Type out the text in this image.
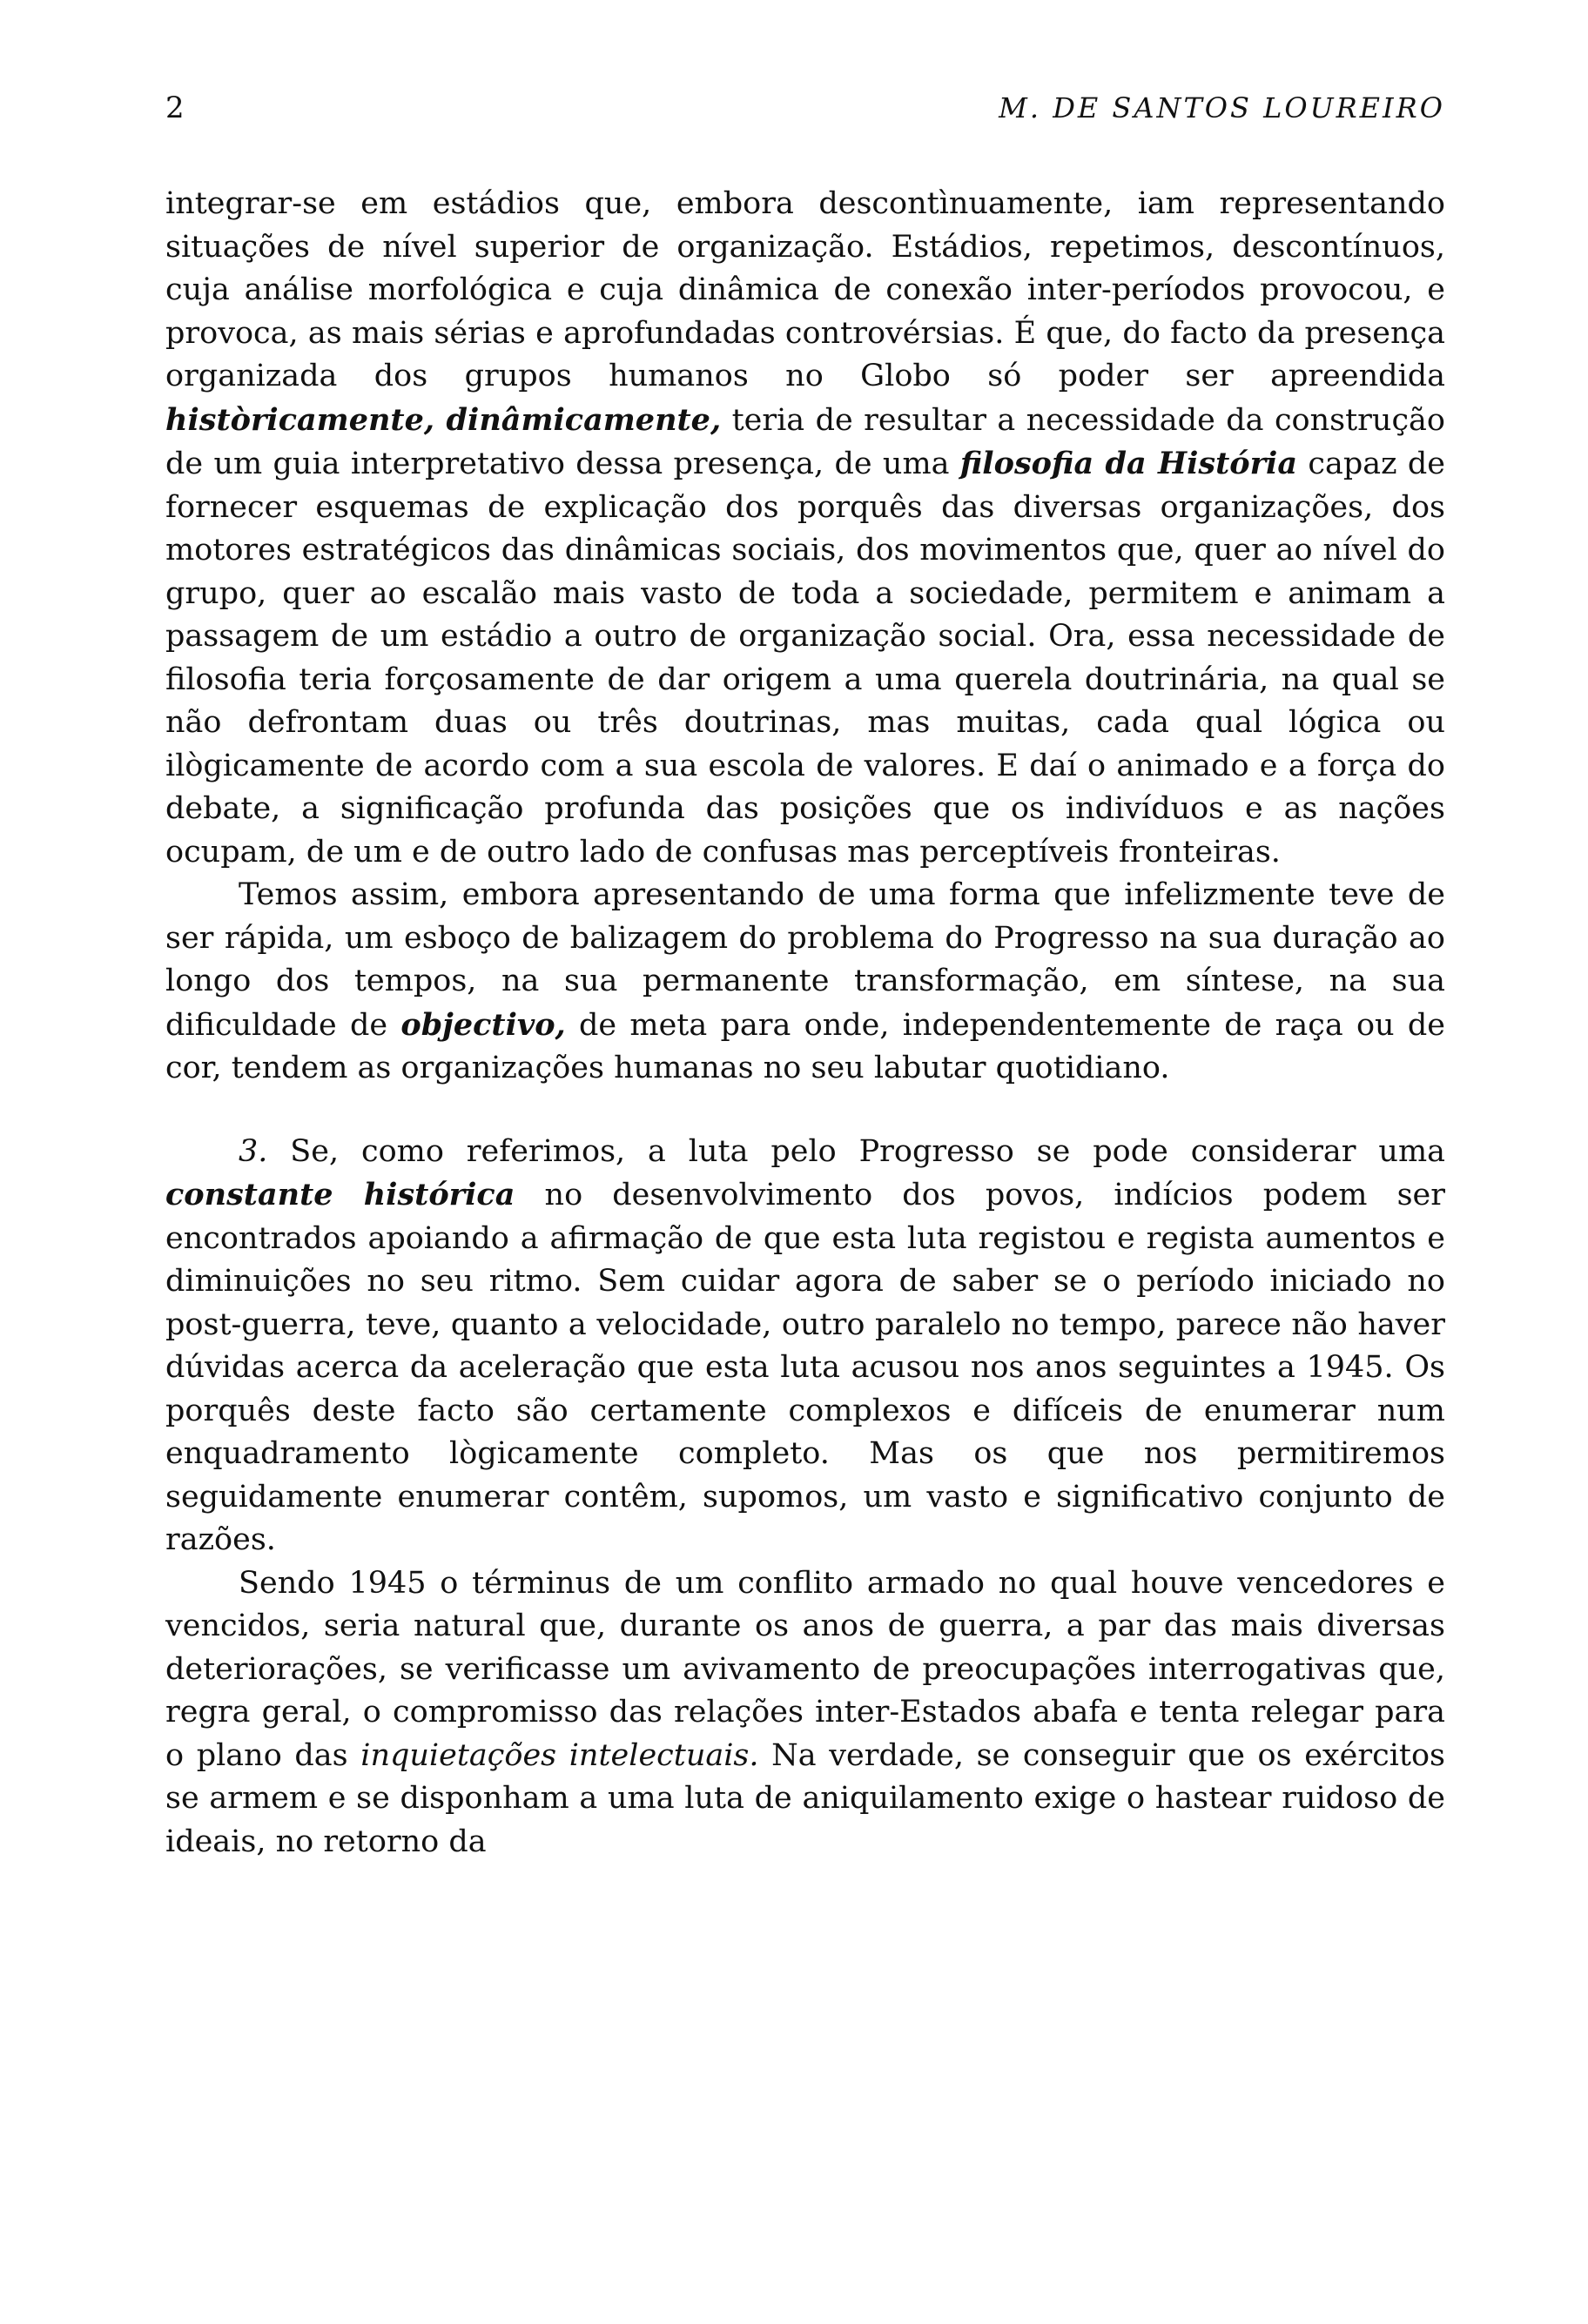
2	M. DE SANTOS LOUREIRO

integrar-se em estádios que, embora descontìnuamente, iam representando situações de nível superior de organização. Estádios, repetimos, descontínuos, cuja análise morfológica e cuja dinâmica de conexão inter-períodos provocou, e provoca, as mais sérias e aprofundadas controvérsias. É que, do facto da presença organizada dos grupos humanos no Globo só poder ser apreendida històricamente, dinâmicamente, teria de resultar a necessidade da construção de um guia interpretativo dessa presença, de uma filosofia da História capaz de fornecer esquemas de explicação dos porquês das diversas organizações, dos motores estratégicos das dinâmicas sociais, dos movimentos que, quer ao nível do grupo, quer ao escalão mais vasto de toda a sociedade, permitem e animam a passagem de um estádio a outro de organização social. Ora, essa necessidade de filosofia teria forçosamente de dar origem a uma querela doutrinária, na qual se não defrontam duas ou três doutrinas, mas muitas, cada qual lógica ou ilògicamente de acordo com a sua escola de valores. E daí o animado e a força do debate, a significação profunda das posições que os indivíduos e as nações ocupam, de um e de outro lado de confusas mas perceptíveis fronteiras.

Temos assim, embora apresentando de uma forma que infelizmente teve de ser rápida, um esboço de balizagem do problema do Progresso na sua duração ao longo dos tempos, na sua permanente transformação, em síntese, na sua dificuldade de objectivo, de meta para onde, independentemente de raça ou de cor, tendem as organizações humanas no seu labutar quotidiano.

3. Se, como referimos, a luta pelo Progresso se pode considerar uma constante histórica no desenvolvimento dos povos, indícios podem ser encontrados apoiando a afirmação de que esta luta registou e regista aumentos e diminuições no seu ritmo. Sem cuidar agora de saber se o período iniciado no post-guerra, teve, quanto a velocidade, outro paralelo no tempo, parece não haver dúvidas acerca da aceleração que esta luta acusou nos anos seguintes a 1945. Os porquês deste facto são certamente complexos e difíceis de enumerar num enquadramento lògicamente completo. Mas os que nos permitiremos seguidamente enumerar contêm, supomos, um vasto e significativo conjunto de razões.

Sendo 1945 o términus de um conflito armado no qual houve vencedores e vencidos, seria natural que, durante os anos de guerra, a par das mais diversas deteriorações, se verificasse um avivamento de preocupações interrogativas que, regra geral, o compromisso das relações inter-Estados abafa e tenta relegar para o plano das inquietações intelectuais. Na verdade, se conseguir que os exércitos se armem e se disponham a uma luta de aniquilamento exige o hastear ruidoso de ideais, no retorno da
